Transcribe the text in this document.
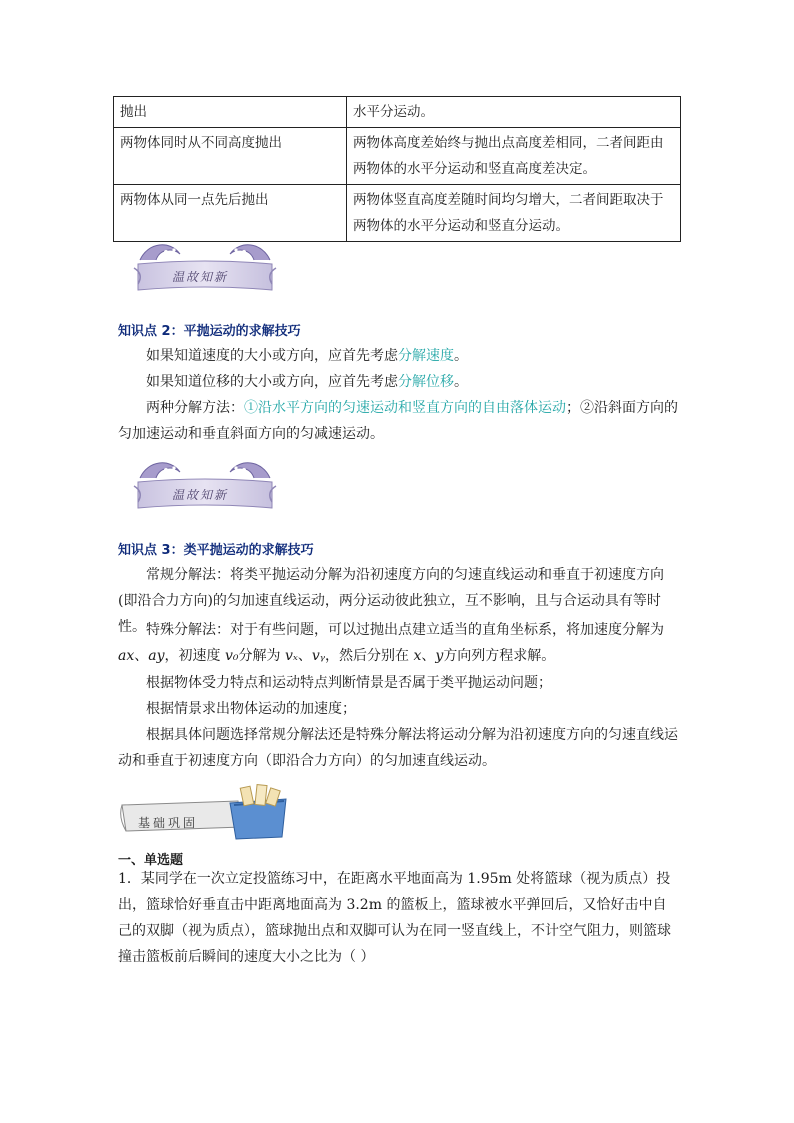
抛出	水平分运动。
两物体同时从不同高度抛出	两物体高度差始终与抛出点高度差相同，二者间距由两物体的水平分运动和竖直高度差决定。
两物体从同一点先后抛出	两物体竖直高度差随时间均匀增大，二者间距取决于两物体的水平分运动和竖直分运动。
温故知新
知识点 2：平抛运动的求解技巧
如果知道速度的大小或方向，应首先考虑分解速度。
如果知道位移的大小或方向，应首先考虑分解位移。
两种分解方法：①沿水平方向的匀速运动和竖直方向的自由落体运动；②沿斜面方向的匀加速运动和垂直斜面方向的匀减速运动。
温故知新
知识点 3：类平抛运动的求解技巧
常规分解法：将类平抛运动分解为沿初速度方向的匀速直线运动和垂直于初速度方向(即沿合力方向)的匀加速直线运动，两分运动彼此独立，互不影响，且与合运动具有等时性。 特殊分解法：对于有些问题，可以过抛出点建立适当的直角坐标系，将加速度分解为ax、ay，初速度 v₀分解为 vₓ、vᵧ，然后分别在 x、y方向列方程求解。
根据物体受力特点和运动特点判断情景是否属于类平抛运动问题；
根据情景求出物体运动的加速度；
根据具体问题选择常规分解法还是特殊分解法将运动分解为沿初速度方向的匀速直线运动和垂直于初速度方向（即沿合力方向）的匀加速直线运动。
基础巩固
一、单选题
1．某同学在一次立定投篮练习中，在距离水平地面高为 1.95m 处将篮球（视为质点）投出，篮球恰好垂直击中距离地面高为 3.2m 的篮板上，篮球被水平弹回后，又恰好击中自己的双脚（视为质点），篮球抛出点和双脚可认为在同一竖直线上，不计空气阻力，则篮球撞击篮板前后瞬间的速度大小之比为（ ）
